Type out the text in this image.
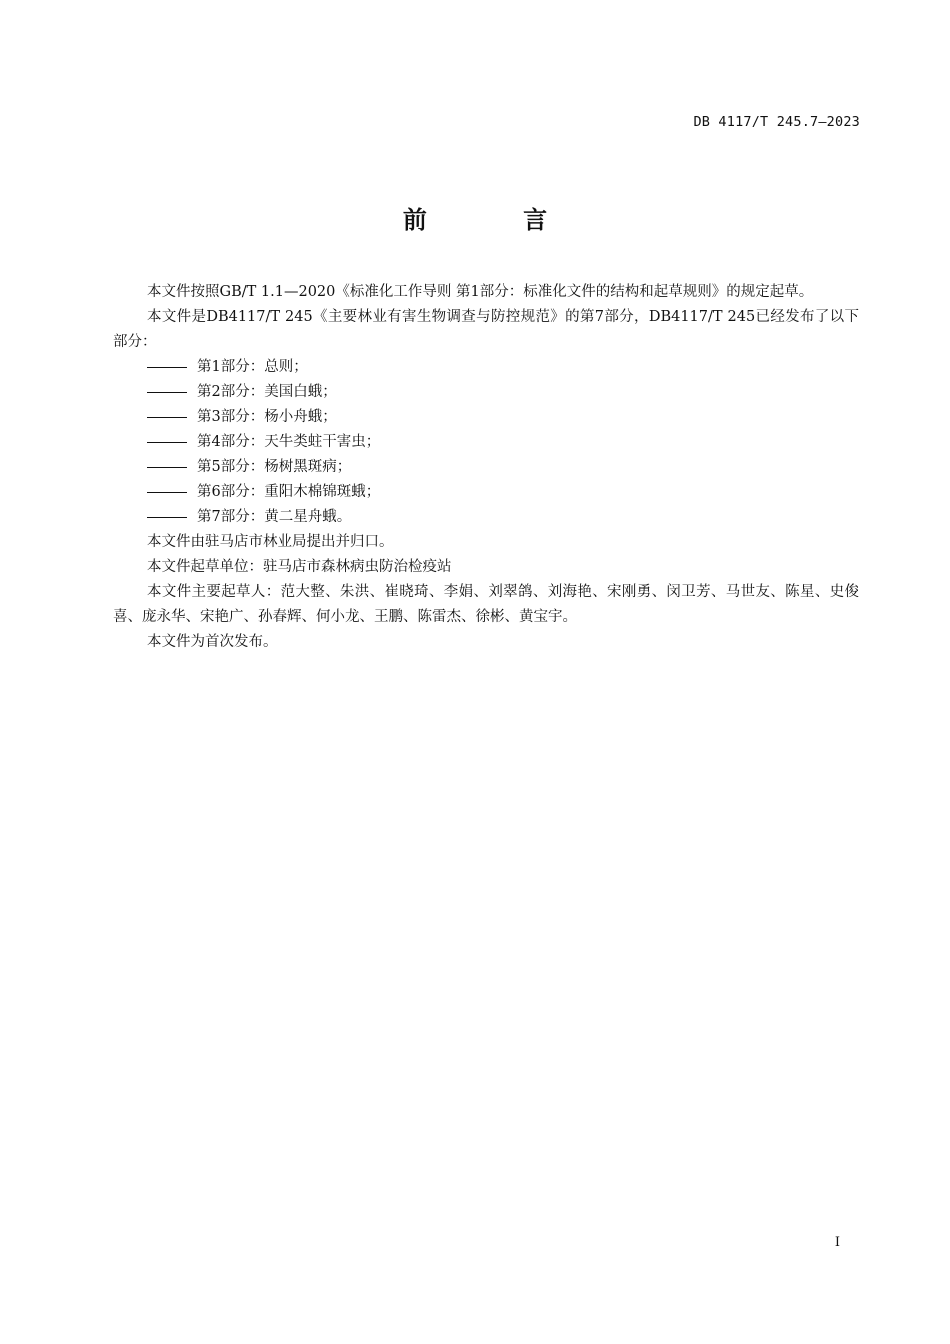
DB 4117/T 245.7—2023
前 言

本文件按照GB/T 1.1—2020《标准化工作导则 第1部分：标准化文件的结构和起草规则》的规定起草。

本文件是DB4117/T 245《主要林业有害生物调查与防控规范》的第7部分，DB4117/T 245已经发布了以下部分：

第1部分：总则；

第2部分：美国白蛾；

第3部分：杨小舟蛾；

第4部分：天牛类蛀干害虫；

第5部分：杨树黑斑病；

第6部分：重阳木棉锦斑蛾；

第7部分：黄二星舟蛾。

本文件由驻马店市林业局提出并归口。

本文件起草单位：驻马店市森林病虫防治检疫站

本文件主要起草人：范大整、朱洪、崔晓琦、李娟、刘翠鸽、刘海艳、宋刚勇、闵卫芳、马世友、陈星、史俊喜、庞永华、宋艳广、孙春辉、何小龙、王鹏、陈雷杰、徐彬、黄宝宇。

本文件为首次发布。

I
